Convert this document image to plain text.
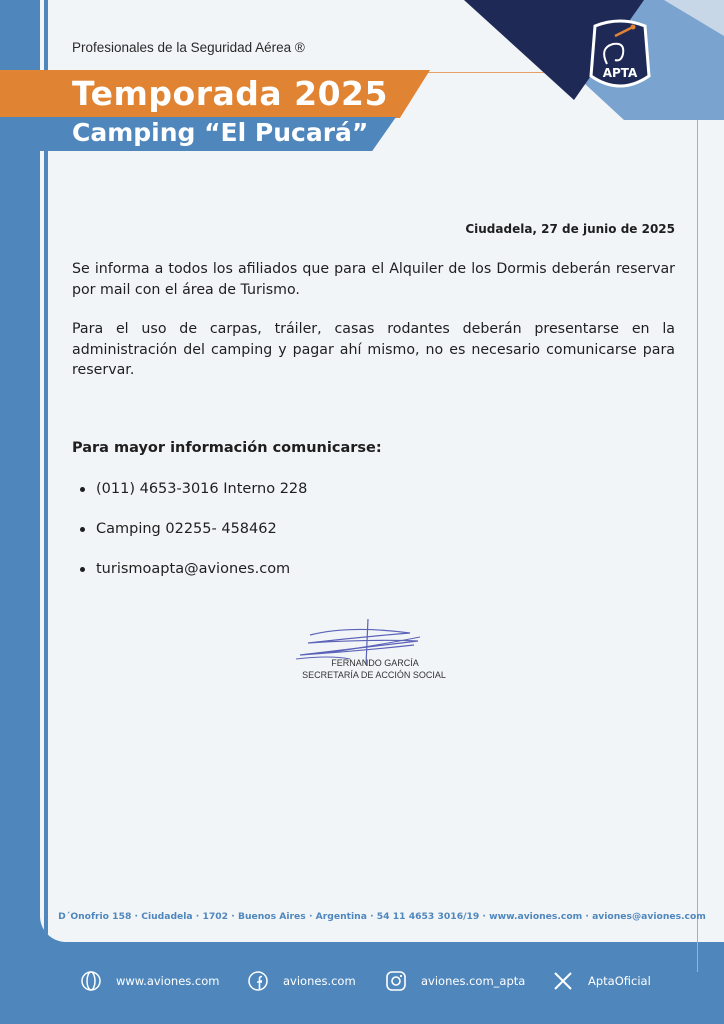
APTA
Profesionales de la Seguridad Aérea ®
Temporada 2025
Camping “El Pucará”
Ciudadela, 27 de junio de 2025
Se informa a todos los afiliados que para el Alquiler de los Dormis deberán reservar por mail con el área de Turismo.
Para el uso de carpas, tráiler, casas rodantes deberán presentarse en la administración del camping y pagar ahí mismo, no es necesario comunicarse para reservar.
Para mayor información comunicarse:
(011) 4653-3016 Interno 228
Camping 02255- 458462
turismoapta@aviones.com
FERNANDO GARCÍA
SECRETARÍA DE ACCIÓN SOCIAL
D´Onofrio 158 · Ciudadela · 1702 · Buenos Aires · Argentina · 54 11 4653 3016/19 · www.aviones.com · aviones@aviones.com
www.aviones.com	aviones.com	aviones.com_apta	AptaOficial
